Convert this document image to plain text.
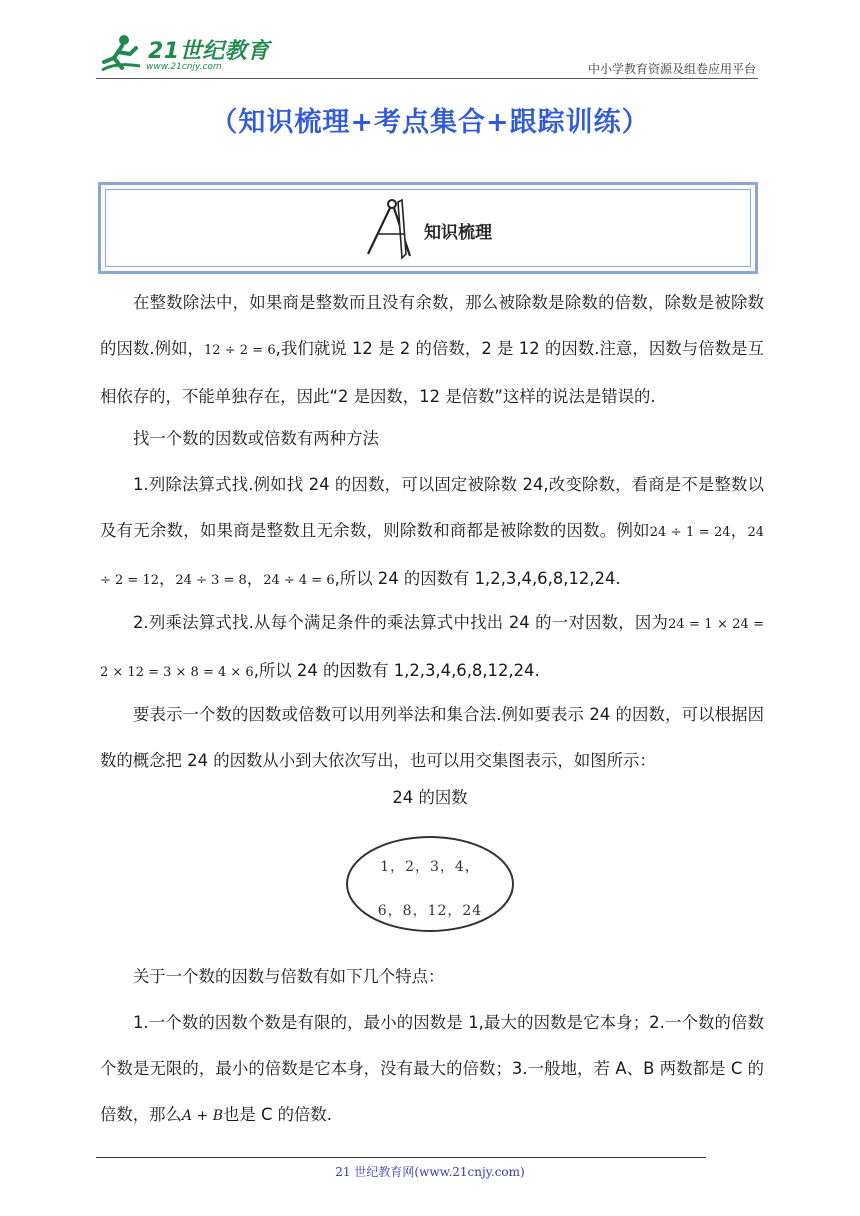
21世纪教育
www.21cnjy.com	中小学教育资源及组卷应用平台
（知识梳理+考点集合+跟踪训练）
知识梳理
在整数除法中，如果商是整数而且没有余数，那么被除数是除数的倍数，除数是被除数的因数.例如，12 ÷ 2 = 6,我们就说 12 是 2 的倍数，2 是 12 的因数.注意，因数与倍数是互相依存的，不能单独存在，因此“2 是因数，12 是倍数”这样的说法是错误的.
找一个数的因数或倍数有两种方法
1.列除法算式找.例如找 24 的因数，可以固定被除数 24,改变除数，看商是不是整数以及有无余数，如果商是整数且无余数，则除数和商都是被除数的因数。例如24 ÷ 1 = 24，24 ÷ 2 = 12，24 ÷ 3 = 8，24 ÷ 4 = 6,所以 24 的因数有 1,2,3,4,6,8,12,24.
2.列乘法算式找.从每个满足条件的乘法算式中找出 24 的一对因数，因为24 = 1 × 24 = 2 × 12 = 3 × 8 = 4 × 6,所以 24 的因数有 1,2,3,4,6,8,12,24.
要表示一个数的因数或倍数可以用列举法和集合法.例如要表示 24 的因数，可以根据因数的概念把 24 的因数从小到大依次写出，也可以用交集图表示，如图所示：
24 的因数
1，2，3，4，
6，8，12，24
关于一个数的因数与倍数有如下几个特点：
1.一个数的因数个数是有限的，最小的因数是 1,最大的因数是它本身；2.一个数的倍数个数是无限的，最小的倍数是它本身，没有最大的倍数；3.一般地，若 A、B 两数都是 C 的倍数，那么A + B也是 C 的倍数.
21 世纪教育网(www.21cnjy.com)
